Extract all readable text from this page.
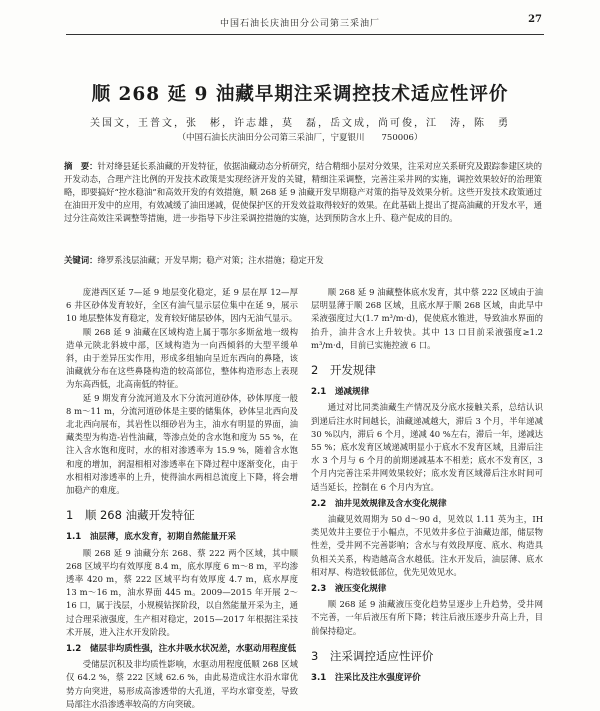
中国石油长庆油田分公司第三采油厂	27
顺 268 延 9 油藏早期注采调控技术适应性评价
关国文，王普文，张　彬，许志雄，莫　磊，岳文成，尚可俊，江　涛，陈　勇
（中国石油长庆油田分公司第三采油厂，宁夏银川　　750006）
摘　要：针对绛县延长系油藏的开发特征，依据油藏动态分析研究，结合精细小层对分效果，注采对应关系研究及跟踪参建区块的开发动态，合理产注比例的开发技术政策是实现经济开发的关键，精细注采调整，完善注采井网的实施，调控效果较好的治理策略，即要搞好“控水稳油”和高效开发的有效措施，顺 268 延 9 油藏开发早期稳产对策的指导及效果分析。这些开发技术政策通过在油田开发中的应用，有效减缓了油田递减，促使保护区的开发效益取得较好的效果。在此基础上提出了提高油藏的开发水平，通过分注高效注采调整等措施，进一步指导下步注采调控措施的实施，达到预防含水上升、稳产促成的目的。
关键词：绛罗系浅层油藏；开发早期；稳产对策；注水措施；稳定开发

庞港西区延 7—延 9 地层变化稳定，延 9 层在厚 12—厚 6 井区砂体发育较好，全区有油气显示层位集中在延 9，展示 10 地层整体发育稳定，发育较好储层砂体，因内无油气显示。

顺 268 延 9 油藏在区域构造上属于鄂尔多斯盆地一级构造单元陕北斜坡中部，区域构造为一向西倾斜的大型平缓单斜，由于差异压实作用，形成多组轴向呈近东西向的鼻隆，该油藏就分布在这些鼻隆构造的较高部位，整体构造形态上表现为东高西低，北高南低的特征。

延 9 期发育分流河道及水下分流河道砂体，砂体厚度一般 8 m～11 m，分流河道砂体是主要的储集体，砂体呈北西向及北北西向展布，其岩性以细砂岩为主，油水有明显的界面，油藏类型为构造-岩性油藏，等渗点处的含水饱和度为 55 %，在注入含水饱和度时，水的相对渗透率为 15.9 %，随着含水饱和度的增加，润湿相相对渗透率在下降过程中逐渐变化，由于水相相对渗透率的上升，使得油水两相总流度上下降，将会增加稳产的难度。

1　顺 268 油藏开发特征
1.1　油层薄，底水发育，初期自然能量开采

顺 268 延 9 油藏分东 268、蔡 222 两个区域，其中顺 268 区域平均有效厚度 8.4 m，底水厚度 6 m～8 m，平均渗透率 420 m，蔡 222 区域平均有效厚度 4.7 m，底水厚度 13 m～16 m，油水界面 445 m。2009—2015 年开展 2～16 口，属于浅层，小规模钻探阶段，以自然能量开采为主，通过合理采液强度，生产相对稳定，2015—2017 年根据注采技术开展，进入注水开发阶段。

1.2　储层非均质性强，注水井吸水状况差，水驱动用程度低

受储层沉积及非均质性影响，水驱动用程度低顺 268 区域仅 64.2 %，蔡 222 区域 62.6 %，由此易造成注水沿水窜优势方向突进，易形成高渗透带的大孔道，平均水窜变差，导致局部注水沿渗透率较高的方向突破。

顺 268 延 9 油藏整体底水发育，其中蔡 222 区域由于油层明显薄于顺 268 区域，且底水厚于顺 268 区域，由此早中采液强度过大(1.7 m³/m·d)，促使底水锥进，导致油水界面的抬升，油井含水上升较快。其中 13 口目前采液强度≥1.2 m³/m·d，目前已实施控液 6 口。

2　开发规律
2.1　递减规律

通过对比同类油藏生产情况及分底水接触关系，总结认识到递后注水时间越长，油藏递减越大，滞后 3 个月，半年递减 30 %以内，滞后 6 个月，递减 40 %左右，滞后一年，递减达 55 %；底水发育区域递减明显小于底水不发育区域，且滞后注水 3 个月与 6 个月的前期递减基本不相差；底水不发育区，3 个月内完善注采井网效果较好；底水发育区域滞后注水时间可适当延长，控制在 6 个月内为宜。

2.2　油井见效规律及含水变化规律

油藏见效周期为 50 d～90 d，见效以 1.11 英为主，IH 类见效井主要位于小幅点，不见效井多位于油藏边部，储层物性差，受井网不完善影响；含水与有效段厚度、底水、构造具负相关关系，构造越高含水越低。注水开发后，油层薄、底水相对厚、构造较低部位，优先见效见水。

2.3　液压变化规律

顺 268 延 9 油藏液压变化趋势呈逐步上升趋势，受井网不完善，一年后液压有所下降；转注后液压逐步升高上升，目前保持稳定。

3　注采调控适应性评价
3.1　注采比及注水强度评价
